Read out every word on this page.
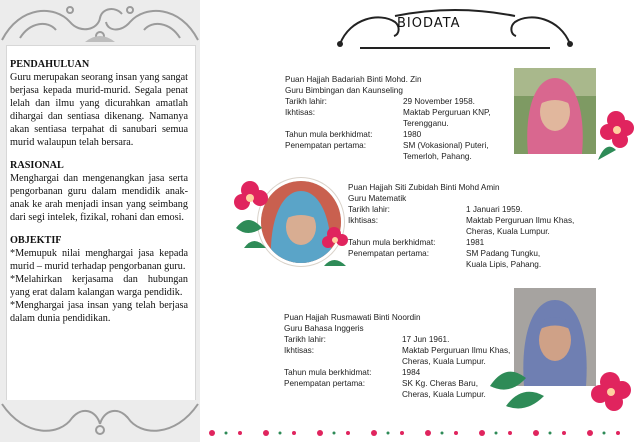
PENDAHULUAN

Guru merupakan seorang insan yang sangat berjasa kepada murid-murid. Segala penat lelah dan ilmu yang dicurahkan amatlah dihargai dan sentiasa dikenang. Namanya akan sentiasa terpahat di sanubari semua murid walaupun telah bersara.

RASIONAL

Menghargai dan mengenangkan jasa serta pengorbanan guru dalam mendidik anak-anak ke arah menjadi insan yang seimbang dari segi intelek, fizikal, rohani dan emosi.

OBJEKTIF

*Memupuk nilai menghargai jasa kepada murid – murid terhadap pengorbanan guru.

*Melahirkan kerjasama dan hubungan yang erat dalam kalangan warga pendidik.

*Menghargai jasa insan yang telah berjasa dalam dunia pendidikan.

BIODATA
Puan Hajjah Badariah Binti Mohd. Zin
Guru Bimbingan dan Kaunseling
Tarikh lahir:	29 November 1958.
Ikhtisas:	Maktab Perguruan KNP,
Terengganu.
Tahun mula berkhidmat:	1980
Penempatan pertama:	SM (Vokasional) Puteri,
Temerloh, Pahang.
Puan Hajjah Siti Zubidah Binti Mohd Amin
Guru Matematik
Tarikh lahir:	1 Januari 1959.
Ikhtisas:	Maktab Perguruan Ilmu Khas,
Cheras, Kuala Lumpur.
Tahun mula berkhidmat:	1981
Penempatan pertama:	SM Padang Tungku,
Kuala Lipis, Pahang.
Puan Hajjah Rusmawati Binti Noordin
Guru Bahasa Inggeris
Tarikh lahir:	17 Jun 1961.
Ikhtisas:	Maktab Perguruan Ilmu Khas,
Cheras, Kuala Lumpur.
Tahun mula berkhidmat:	1984
Penempatan pertama:	SK Kg. Cheras Baru,
Cheras, Kuala Lumpur.
